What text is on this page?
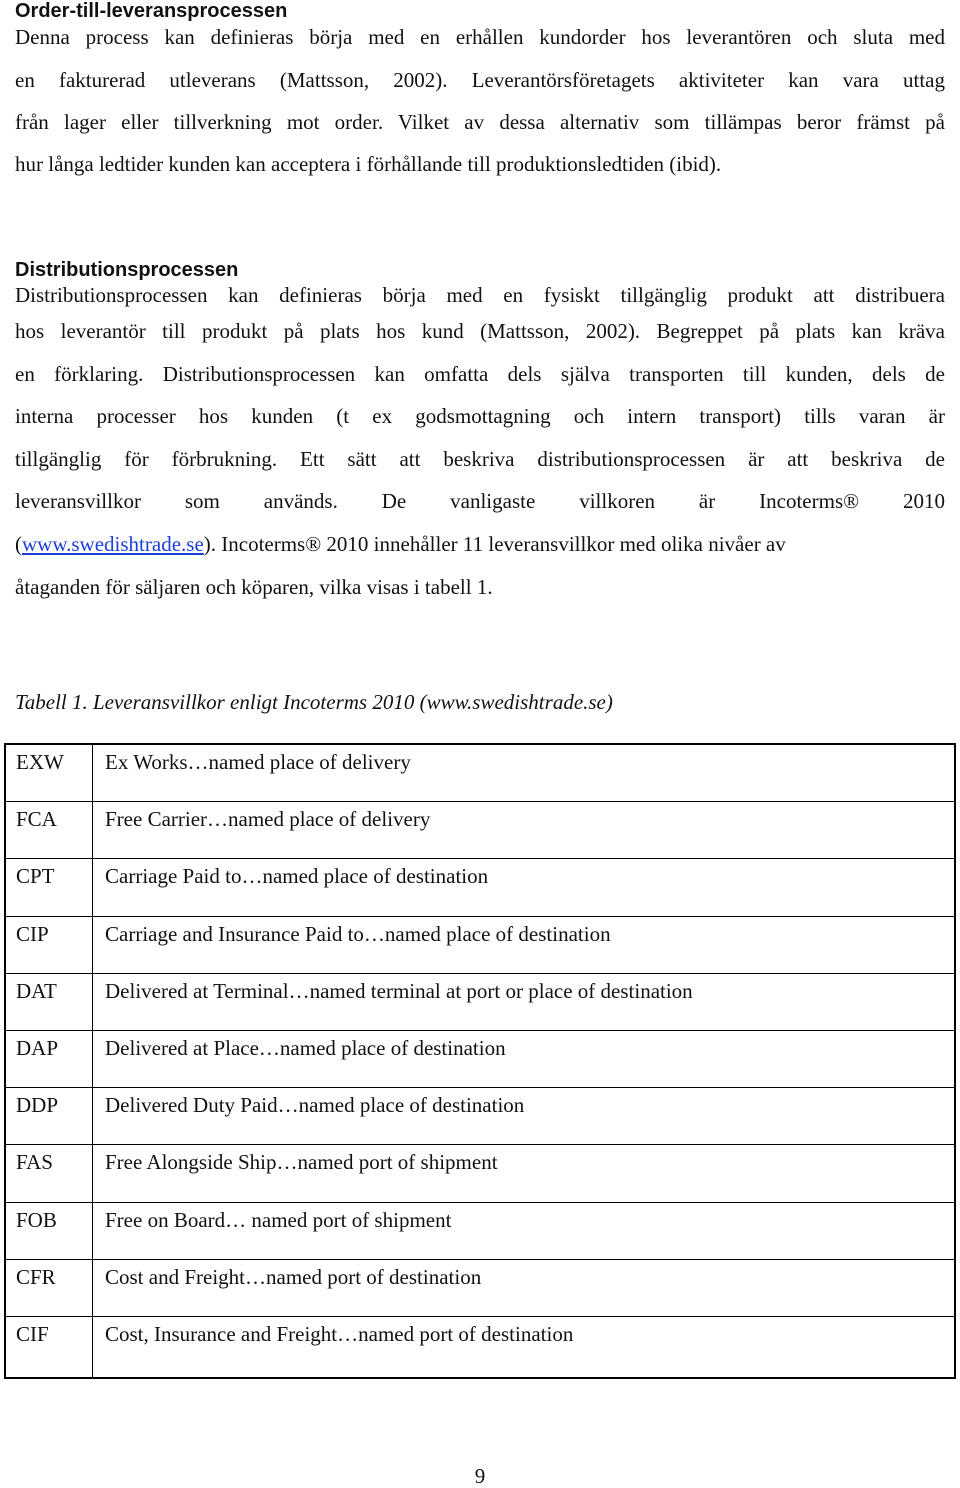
Order-till-leveransprocessen
Denna process kan definieras börja med en erhållen kundorder hos leverantören och sluta med
en fakturerad utleverans (Mattsson, 2002). Leverantörsföretagets aktiviteter kan vara uttag
från lager eller tillverkning mot order. Vilket av dessa alternativ som tillämpas beror främst på
hur långa ledtider kunden kan acceptera i förhållande till produktionsledtiden (ibid).
Distributionsprocessen
Distributionsprocessen kan definieras börja med en fysiskt tillgänglig produkt att distribuera
hos leverantör till produkt på plats hos kund (Mattsson, 2002). Begreppet på plats kan kräva
en förklaring. Distributionsprocessen kan omfatta dels själva transporten till kunden, dels de
interna processer hos kunden (t ex godsmottagning och intern transport) tills varan är
tillgänglig för förbrukning. Ett sätt att beskriva distributionsprocessen är att beskriva de
leveransvillkor som används. De vanligaste villkoren är Incoterms® 2010
(www.swedishtrade.se). Incoterms® 2010 innehåller 11 leveransvillkor med olika nivåer av
åtaganden för säljaren och köparen, vilka visas i tabell 1.

Tabell 1. Leveransvillkor enligt Incoterms 2010 (www.swedishtrade.se)

EXW	Ex Works…named place of delivery
FCA	Free Carrier…named place of delivery
CPT	Carriage Paid to…named place of destination
CIP	Carriage and Insurance Paid to…named place of destination
DAT	Delivered at Terminal…named terminal at port or place of destination
DAP	Delivered at Place…named place of destination
DDP	Delivered Duty Paid…named place of destination
FAS	Free Alongside Ship…named port of shipment
FOB	Free on Board… named port of shipment
CFR	Cost and Freight…named port of destination
CIF	Cost, Insurance and Freight…named port of destination
9
